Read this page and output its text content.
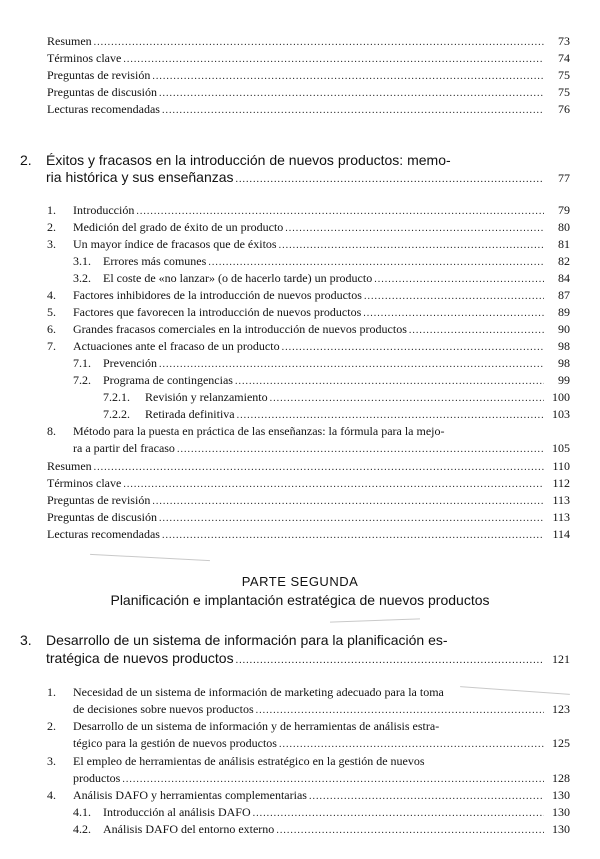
Resumen .....	73
Términos clave .....	74
Preguntas de revisión .....	75
Preguntas de discusión .....	75
Lecturas recomendadas .....	76
2. Éxitos y fracasos en la introducción de nuevos productos: memo-
ria histórica y sus enseñanzas .....	77
1.	Introducción .....	79
2.	Medición del grado de éxito de un producto .....	80
3.	Un mayor índice de fracasos que de éxitos .....	81
3.1.	Errores más comunes .....	82
3.2.	El coste de «no lanzar» (o de hacerlo tarde) un producto .....	84
4.	Factores inhibidores de la introducción de nuevos productos .....	87
5.	Factores que favorecen la introducción de nuevos productos .....	89
6.	Grandes fracasos comerciales en la introducción de nuevos productos .....	90
7.	Actuaciones ante el fracaso de un producto .....	98
7.1.	Prevención .....	98
7.2.	Programa de contingencias .....	99
7.2.1.	Revisión y relanzamiento .....	100
7.2.2.	Retirada definitiva .....	103
8. Método para la puesta en práctica de las enseñanzas: la fórmula para la mejo-
ra a partir del fracaso .....	105
Resumen .....	110
Términos clave .....	112
Preguntas de revisión .....	113
Preguntas de discusión .....	113
Lecturas recomendadas .....	114
PARTE SEGUNDA
Planificación e implantación estratégica de nuevos productos
3. Desarrollo de un sistema de información para la planificación es-
tratégica de nuevos productos .....	121
1. Necesidad de un sistema de información de marketing adecuado para la toma
de decisiones sobre nuevos productos .....	123
2. Desarrollo de un sistema de información y de herramientas de análisis estra-
tégico para la gestión de nuevos productos .....	125
3. El empleo de herramientas de análisis estratégico en la gestión de nuevos
productos .....	128
4.	Análisis DAFO y herramientas complementarias .....	130
4.1.	Introducción al análisis DAFO .....	130
4.2.	Análisis DAFO del entorno externo .....	130
